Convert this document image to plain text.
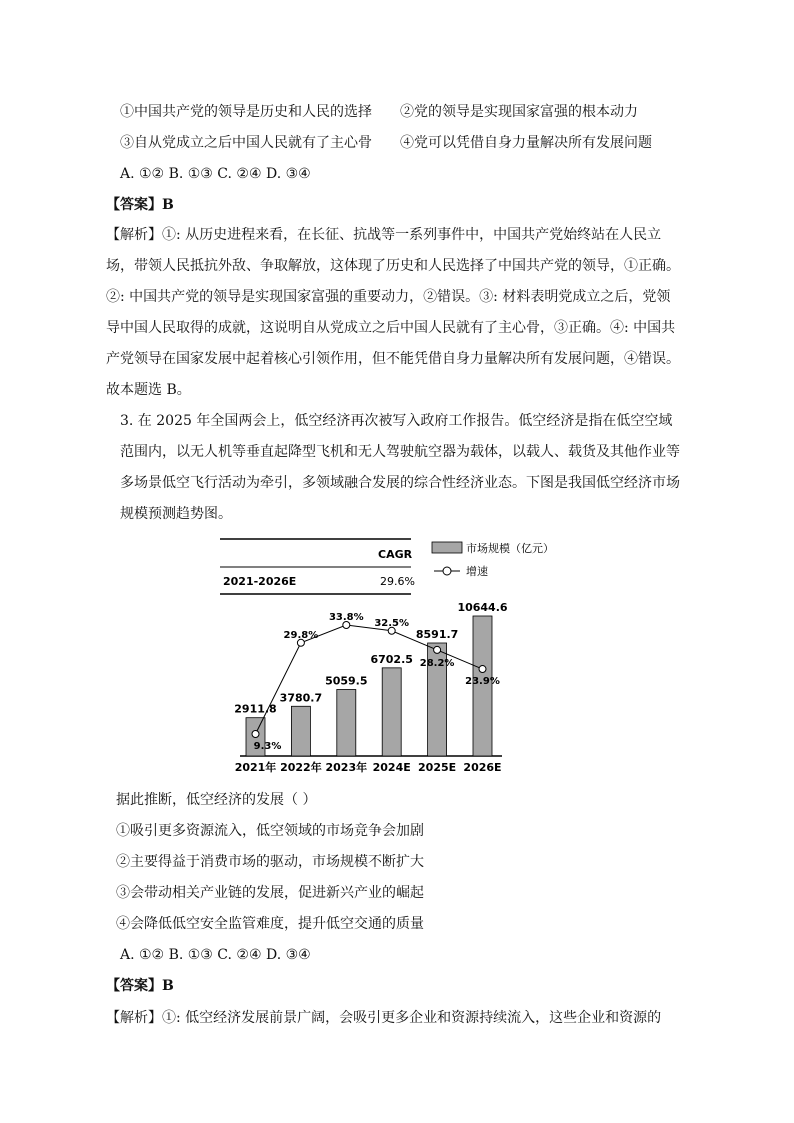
①中国共产党的领导是历史和人民的选择 ②党的领导是实现国家富强的根本动力

③自从党成立之后中国人民就有了主心骨 ④党可以凭借自身力量解决所有发展问题

A. ①② B. ①③ C. ②④ D. ③④

【答案】B

【解析】①: 从历史进程来看，在长征、抗战等一系列事件中，中国共产党始终站在人民立场，带领人民抵抗外敌、争取解放，这体现了历史和人民选择了中国共产党的领导，①正确。②: 中国共产党的领导是实现国家富强的重要动力，②错误。③: 材料表明党成立之后，党领导中国人民取得的成就，这说明自从党成立之后中国人民就有了主心骨，③正确。④: 中国共产党领导在国家发展中起着核心引领作用，但不能凭借自身力量解决所有发展问题，④错误。故本题选 B。

3. 在 2025 年全国两会上，低空经济再次被写入政府工作报告。低空经济是指在低空空域范围内，以无人机等垂直起降型飞机和无人驾驶航空器为载体，以载人、载货及其他作业等多场景低空飞行活动为牵引，多领域融合发展的综合性经济业态。下图是我国低空经济市场规模预测趋势图。

CAGR
2021-2026E	29.6%
市场规模（亿元）
增速
2911.8
2021年
3780.7
2022年
5059.5
2023年
6702.5
2024E
8591.7
2025E
10644.6
2026E
9.3%
29.8%
33.8%
32.5%
28.2%
23.9%

据此推断，低空经济的发展（ ）

①吸引更多资源流入，低空领域的市场竞争会加剧

②主要得益于消费市场的驱动，市场规模不断扩大

③会带动相关产业链的发展，促进新兴产业的崛起

④会降低低空安全监管难度，提升低空交通的质量

A. ①② B. ①③ C. ②④ D. ③④

【答案】B

【解析】①: 低空经济发展前景广阔，会吸引更多企业和资源持续流入，这些企业和资源的
